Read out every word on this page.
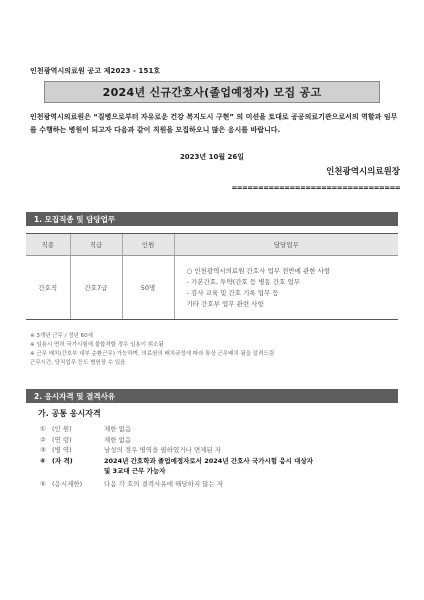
인천광역시의료원 공고 제2023 - 151호
2024년 신규간호사(졸업예정자) 모집 공고
인천광역시의료원은 “질병으로부터 자유로운 건강 복지도시 구현” 의 미션을 토대로 공공의료기관으로서의 역할과 임무를 수행하는 병원이 되고자 다음과 같이 직원을 모집하오니 많은 응시를 바랍니다.
2023년 10월 26일
인천광역시의료원장
================================
1. 모집직종 및 담당업무
직종	직급	인원	담당업무
간호직	간호7급	50명	○ 인천광역시의료원 간호사 업무 전반에 관한 사항
- 기본간호, 투약(간호 등 병동 간호 업무
- 검사 교육 및 간호 기록 업무 등
기타 간호부 업무 관련 사항
※ 3개년 근무 / 정년 60세
※ 임용시 면허 국가시험에 불합격할 경우 임용이 취소됨
※ 근무 배치(간호부 내부 순환근무) 가능하며, 의료원의 배치규정에 따라 통상 근무배치 됨을 알려드림
근무시간, 당직업무 등도 병원장 수 있음
2. 응시자격 및 결격사유
가. 공통 응시자격
① (인 원)	제한 없음
② (연 령)	제한 없음
③ (병 역)	남성의 경우 병역을 필하였거나 면제된 자
④ (자 격)	2024년 간호학과 졸업예정자로서 2024년 간호사 국가시험 응시 대상자
및 3교대 근무 가능자
⑤ (응시제한)	다음 각 호의 결격사유에 해당하지 않는 자
